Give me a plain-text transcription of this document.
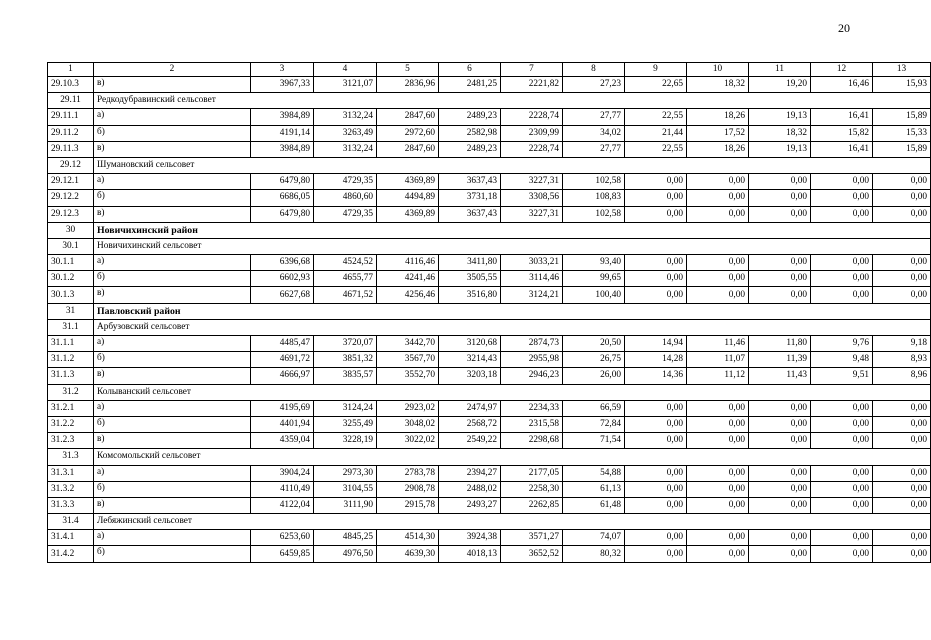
20
1	2	3	4	5	6	7	8	9	10	11	12	13
29.10.3	в)	3967,33	3121,07	2836,96	2481,25	2221,82	27,23	22,65	18,32	19,20	16,46	15,93
29.11	Редкодубравинский сельсовет											
29.11.1	а)	3984,89	3132,24	2847,60	2489,23	2228,74	27,77	22,55	18,26	19,13	16,41	15,89
29.11.2	б)	4191,14	3263,49	2972,60	2582,98	2309,99	34,02	21,44	17,52	18,32	15,82	15,33
29.11.3	в)	3984,89	3132,24	2847,60	2489,23	2228,74	27,77	22,55	18,26	19,13	16,41	15,89
29.12	Шумановский сельсовет											
29.12.1	а)	6479,80	4729,35	4369,89	3637,43	3227,31	102,58	0,00	0,00	0,00	0,00	0,00
29.12.2	б)	6686,05	4860,60	4494,89	3731,18	3308,56	108,83	0,00	0,00	0,00	0,00	0,00
29.12.3	в)	6479,80	4729,35	4369,89	3637,43	3227,31	102,58	0,00	0,00	0,00	0,00	0,00
30	Новичихинский район											
30.1	Новичихинский сельсовет											
30.1.1	а)	6396,68	4524,52	4116,46	3411,80	3033,21	93,40	0,00	0,00	0,00	0,00	0,00
30.1.2	б)	6602,93	4655,77	4241,46	3505,55	3114,46	99,65	0,00	0,00	0,00	0,00	0,00
30.1.3	в)	6627,68	4671,52	4256,46	3516,80	3124,21	100,40	0,00	0,00	0,00	0,00	0,00
31	Павловский район											
31.1	Арбузовский сельсовет											
31.1.1	а)	4485,47	3720,07	3442,70	3120,68	2874,73	20,50	14,94	11,46	11,80	9,76	9,18
31.1.2	б)	4691,72	3851,32	3567,70	3214,43	2955,98	26,75	14,28	11,07	11,39	9,48	8,93
31.1.3	в)	4666,97	3835,57	3552,70	3203,18	2946,23	26,00	14,36	11,12	11,43	9,51	8,96
31.2	Колыванский сельсовет											
31.2.1	а)	4195,69	3124,24	2923,02	2474,97	2234,33	66,59	0,00	0,00	0,00	0,00	0,00
31.2.2	б)	4401,94	3255,49	3048,02	2568,72	2315,58	72,84	0,00	0,00	0,00	0,00	0,00
31.2.3	в)	4359,04	3228,19	3022,02	2549,22	2298,68	71,54	0,00	0,00	0,00	0,00	0,00
31.3	Комсомольский сельсовет											
31.3.1	а)	3904,24	2973,30	2783,78	2394,27	2177,05	54,88	0,00	0,00	0,00	0,00	0,00
31.3.2	б)	4110,49	3104,55	2908,78	2488,02	2258,30	61,13	0,00	0,00	0,00	0,00	0,00
31.3.3	в)	4122,04	3111,90	2915,78	2493,27	2262,85	61,48	0,00	0,00	0,00	0,00	0,00
31.4	Лебяжинский сельсовет											
31.4.1	а)	6253,60	4845,25	4514,30	3924,38	3571,27	74,07	0,00	0,00	0,00	0,00	0,00
31.4.2	б)	6459,85	4976,50	4639,30	4018,13	3652,52	80,32	0,00	0,00	0,00	0,00	0,00
